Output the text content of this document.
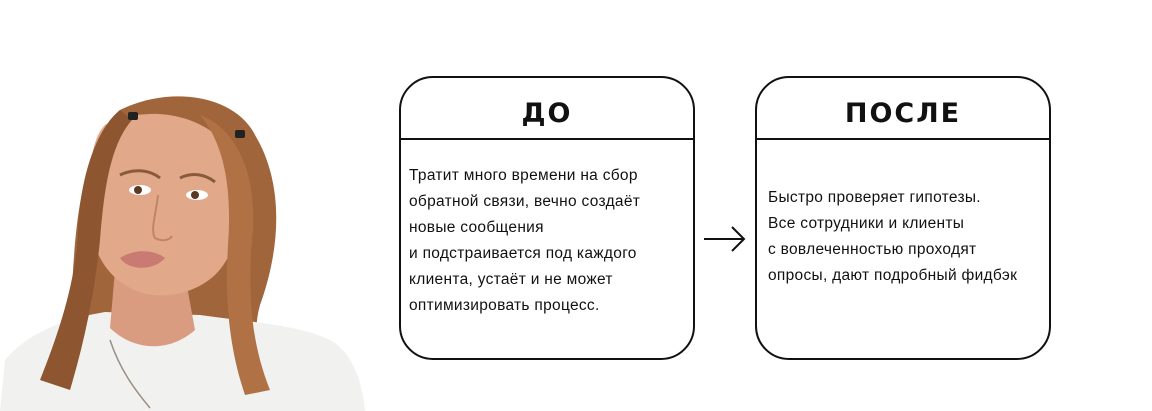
ДО
Тратит много времени на сбор
обратной связи, вечно создаёт
новые сообщения
и подстраивается под каждого
клиента, устаёт и не может
оптимизировать процесс.
ПОСЛЕ
Быстро проверяет гипотезы.
Все сотрудники и клиенты
с вовлеченностью проходят
опросы, дают подробный фидбэк
